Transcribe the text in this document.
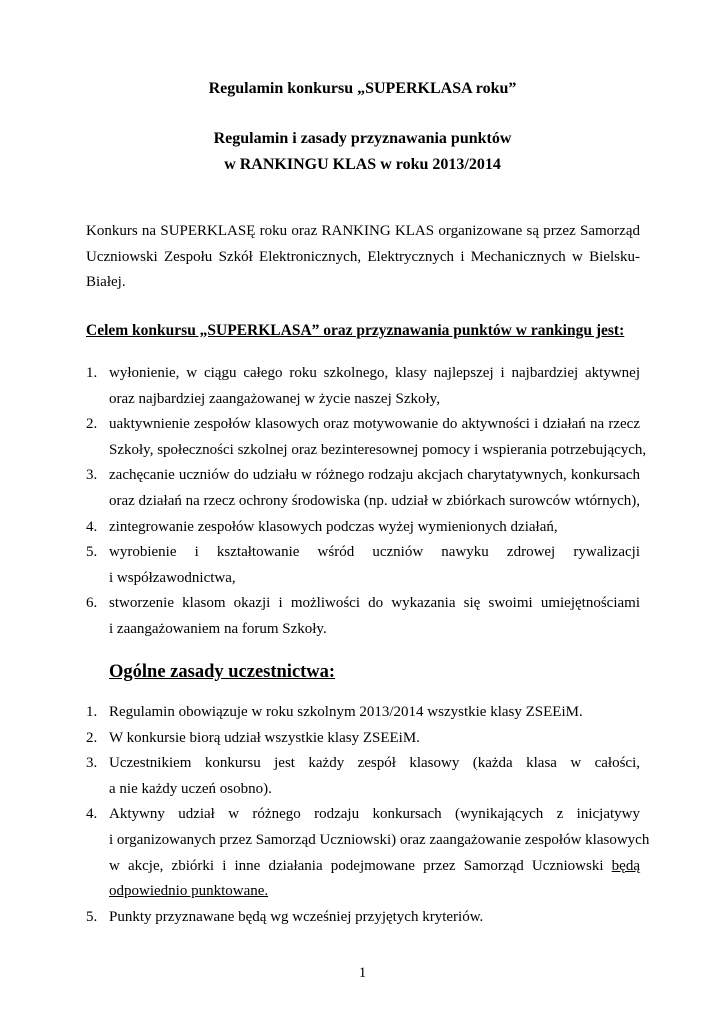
Regulamin konkursu „SUPERKLASA roku”
Regulamin i zasady przyznawania punktów
w RANKINGU KLAS w roku 2013/2014
Konkurs na SUPERKLASĘ roku oraz RANKING KLAS organizowane są przez Samorząd
Uczniowski Zespołu Szkół Elektronicznych, Elektrycznych i Mechanicznych w Bielsku-
Białej.
Celem konkursu „SUPERKLASA” oraz przyznawania punktów w rankingu jest:
1. wyłonienie, w ciągu całego roku szkolnego, klasy najlepszej i najbardziej aktywnej
oraz najbardziej zaangażowanej w życie naszej Szkoły,
2. uaktywnienie zespołów klasowych oraz motywowanie do aktywności i działań na rzecz
Szkoły, społeczności szkolnej oraz bezinteresownej pomocy i wspierania potrzebujących,
3. zachęcanie uczniów do udziału w różnego rodzaju akcjach charytatywnych, konkursach
oraz działań na rzecz ochrony środowiska (np. udział w zbiórkach surowców wtórnych),
4. zintegrowanie zespołów klasowych podczas wyżej wymienionych działań,
5. wyrobienie i kształtowanie wśród uczniów nawyku zdrowej rywalizacji
i współzawodnictwa,
6. stworzenie klasom okazji i możliwości do wykazania się swoimi umiejętnościami
i zaangażowaniem na forum Szkoły.
Ogólne zasady uczestnictwa:
1. Regulamin obowiązuje w roku szkolnym 2013/2014 wszystkie klasy ZSEEiM.
2. W konkursie biorą udział wszystkie klasy ZSEEiM.
3. Uczestnikiem konkursu jest każdy zespół klasowy (każda klasa w całości,
a nie każdy uczeń osobno).
4. Aktywny udział w różnego rodzaju konkursach (wynikających z inicjatywy
i organizowanych przez Samorząd Uczniowski) oraz zaangażowanie zespołów klasowych
w akcje, zbiórki i inne działania podejmowane przez Samorząd Uczniowski będą
odpowiednio punktowane.
5. Punkty przyznawane będą wg wcześniej przyjętych kryteriów.
1
